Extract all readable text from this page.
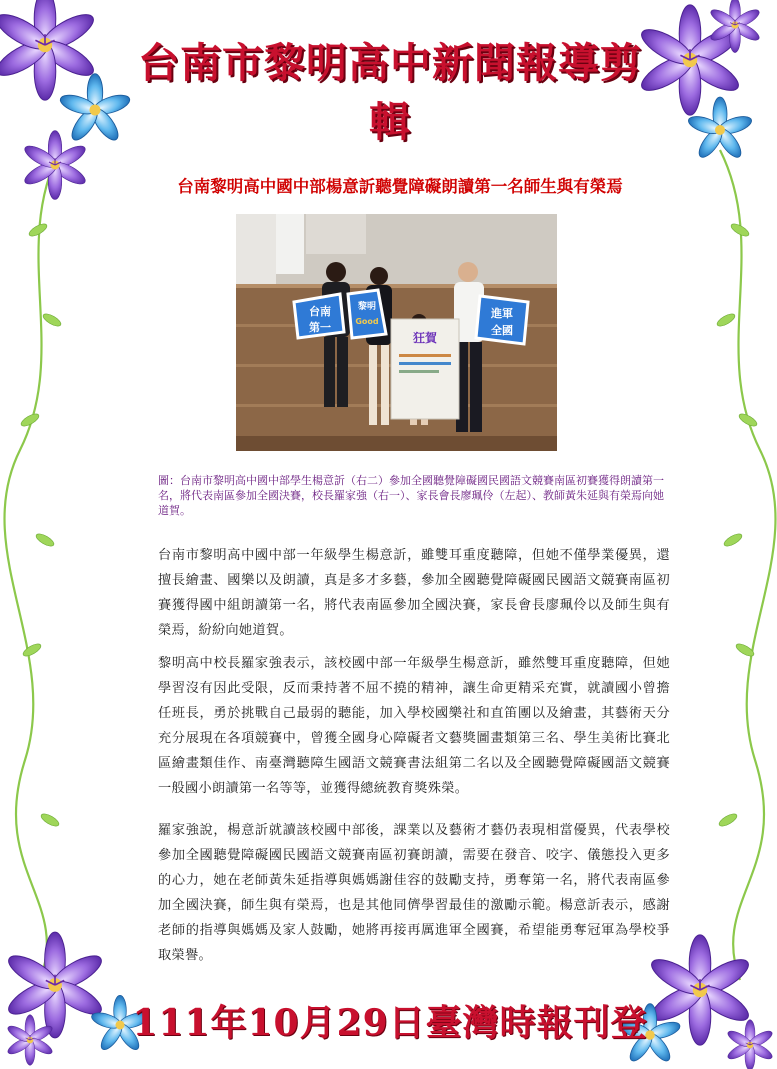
台南市黎明高中新聞報導剪輯
台南黎明高中國中部楊意訢聽覺障礙朗讀第一名師生與有榮焉
狂賀
台南
第一
黎明
Good
進軍
全國
圖：台南市黎明高中國中部學生楊意訢（右二）參加全國聽覺障礙國民國語文競賽南區初賽獲得朗讀第一名，將代表南區參加全國決賽，校長羅家強（右一）、家長會長廖珮伶（左起）、教師黃朱延與有榮焉向她道賀。

台南市黎明高中國中部一年級學生楊意訢，雖雙耳重度聽障，但她不僅學業優異，還擅長繪畫、國樂以及朗讀，真是多才多藝，參加全國聽覺障礙國民國語文競賽南區初賽獲得國中組朗讀第一名，將代表南區參加全國決賽，家長會長廖珮伶以及師生與有榮焉，紛紛向她道賀。

黎明高中校長羅家強表示，該校國中部一年級學生楊意訢，雖然雙耳重度聽障，但她學習沒有因此受限，反而秉持著不屈不撓的精神，讓生命更精采充實，就讀國小曾擔任班長，勇於挑戰自己最弱的聽能，加入學校國樂社和直笛團以及繪畫，其藝術天分充分展現在各項競賽中，曾獲全國身心障礙者文藝獎圖畫類第三名、學生美術比賽北區繪畫類佳作、南臺灣聽障生國語文競賽書法組第二名以及全國聽覺障礙國語文競賽一般國小朗讀第一名等等，並獲得總統教育獎殊榮。

羅家強說，楊意訢就讀該校國中部後，課業以及藝術才藝仍表現相當優異，代表學校參加全國聽覺障礙國民國語文競賽南區初賽朗讀，需要在發音、咬字、儀態投入更多的心力，她在老師黃朱延指導與媽媽謝佳容的鼓勵支持，勇奪第一名，將代表南區參加全國決賽，師生與有榮焉，也是其他同儕學習最佳的激勵示範。楊意訢表示，感謝老師的指導與媽媽及家人鼓勵，她將再接再厲進軍全國賽，希望能勇奪冠軍為學校爭取榮譽。

111年10月29日臺灣時報刊登
